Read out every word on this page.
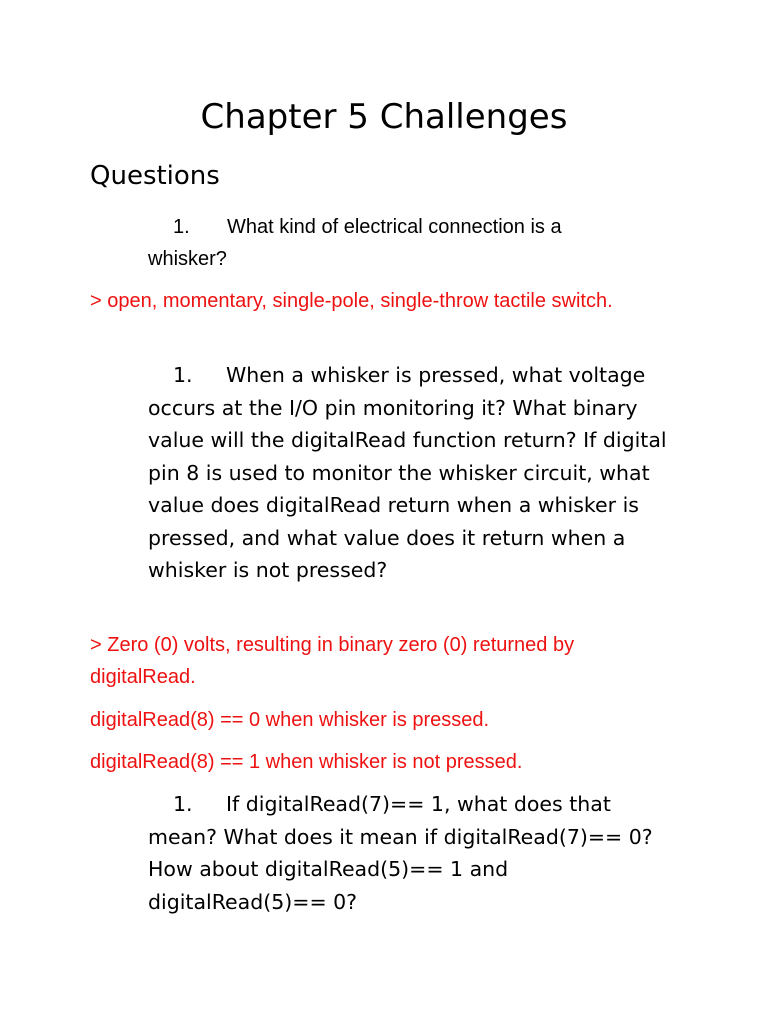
Chapter 5 Challenges
Questions

1. What kind of electrical connection is a whisker?

> open, momentary, single-pole, single-throw tactile switch.

1. When a whisker is pressed, what voltage occurs at the I/O pin monitoring it? What binary value will the digitalRead function return? If digital pin 8 is used to monitor the whisker circuit, what value does digitalRead return when a whisker is pressed, and what value does it return when a whisker is not pressed?

> Zero (0) volts, resulting in binary zero (0) returned by digitalRead.

digitalRead(8) == 0 when whisker is pressed.

digitalRead(8) == 1 when whisker is not pressed.

1. If digitalRead(7)== 1, what does that mean? What does it mean if digitalRead(7)== 0? How about digitalRead(5)== 1 and digitalRead(5)== 0?
